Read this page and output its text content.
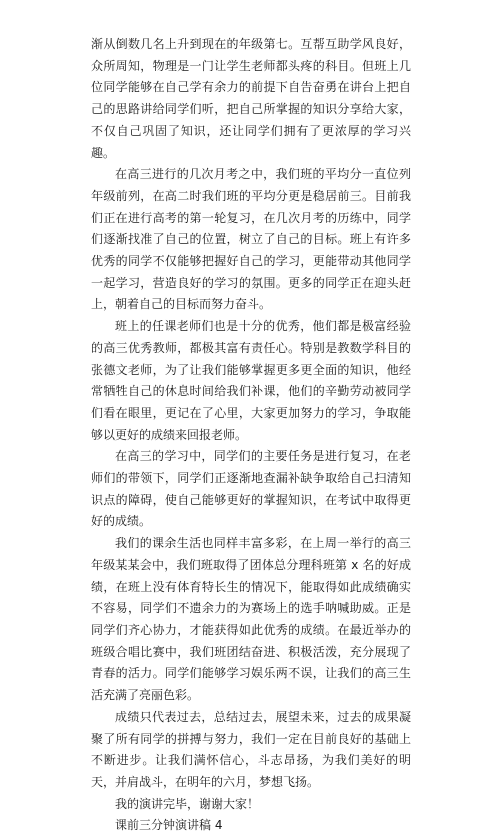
渐从倒数几名上升到现在的年级第七。互帮互助学风良好，众所周知，物理是一门让学生老师都头疼的科目。但班上几位同学能够在自己学有余力的前提下自告奋勇在讲台上把自己的思路讲给同学们听，把自己所掌握的知识分享给大家，不仅自己巩固了知识，还让同学们拥有了更浓厚的学习兴趣。

在高三进行的几次月考之中，我们班的平均分一直位列年级前列，在高二时我们班的平均分更是稳居前三。目前我们正在进行高考的第一轮复习，在几次月考的历练中，同学们逐渐找准了自己的位置，树立了自己的目标。班上有许多优秀的同学不仅能够把握好自己的学习，更能带动其他同学一起学习，营造良好的学习的氛围。更多的同学正在迎头赶上，朝着自己的目标而努力奋斗。

班上的任课老师们也是十分的优秀，他们都是极富经验的高三优秀教师，都极其富有责任心。特别是教数学科目的张德文老师，为了让我们能够掌握更多更全面的知识，他经常牺牲自己的休息时间给我们补课，他们的辛勤劳动被同学们看在眼里，更记在了心里，大家更加努力的学习，争取能够以更好的成绩来回报老师。

在高三的学习中，同学们的主要任务是进行复习，在老师们的带领下，同学们正逐渐地查漏补缺争取给自己扫清知识点的障碍，使自己能够更好的掌握知识，在考试中取得更好的成绩。

我们的课余生活也同样丰富多彩，在上周一举行的高三年级某某会中，我们班取得了团体总分理科班第 x 名的好成绩，在班上没有体育特长生的情况下，能取得如此成绩确实不容易，同学们不遗余力的为赛场上的选手呐喊助威。正是同学们齐心协力，才能获得如此优秀的成绩。在最近举办的班级合唱比赛中，我们班团结奋进、积极活泼，充分展现了青春的活力。同学们能够学习娱乐两不误，让我们的高三生活充满了亮丽色彩。

成绩只代表过去，总结过去，展望未来，过去的成果凝聚了所有同学的拼搏与努力，我们一定在目前良好的基础上不断进步。让我们满怀信心，斗志昂扬，为我们美好的明天，并肩战斗，在明年的六月，梦想飞扬。

我的演讲完毕，谢谢大家！

课前三分钟演讲稿 4
